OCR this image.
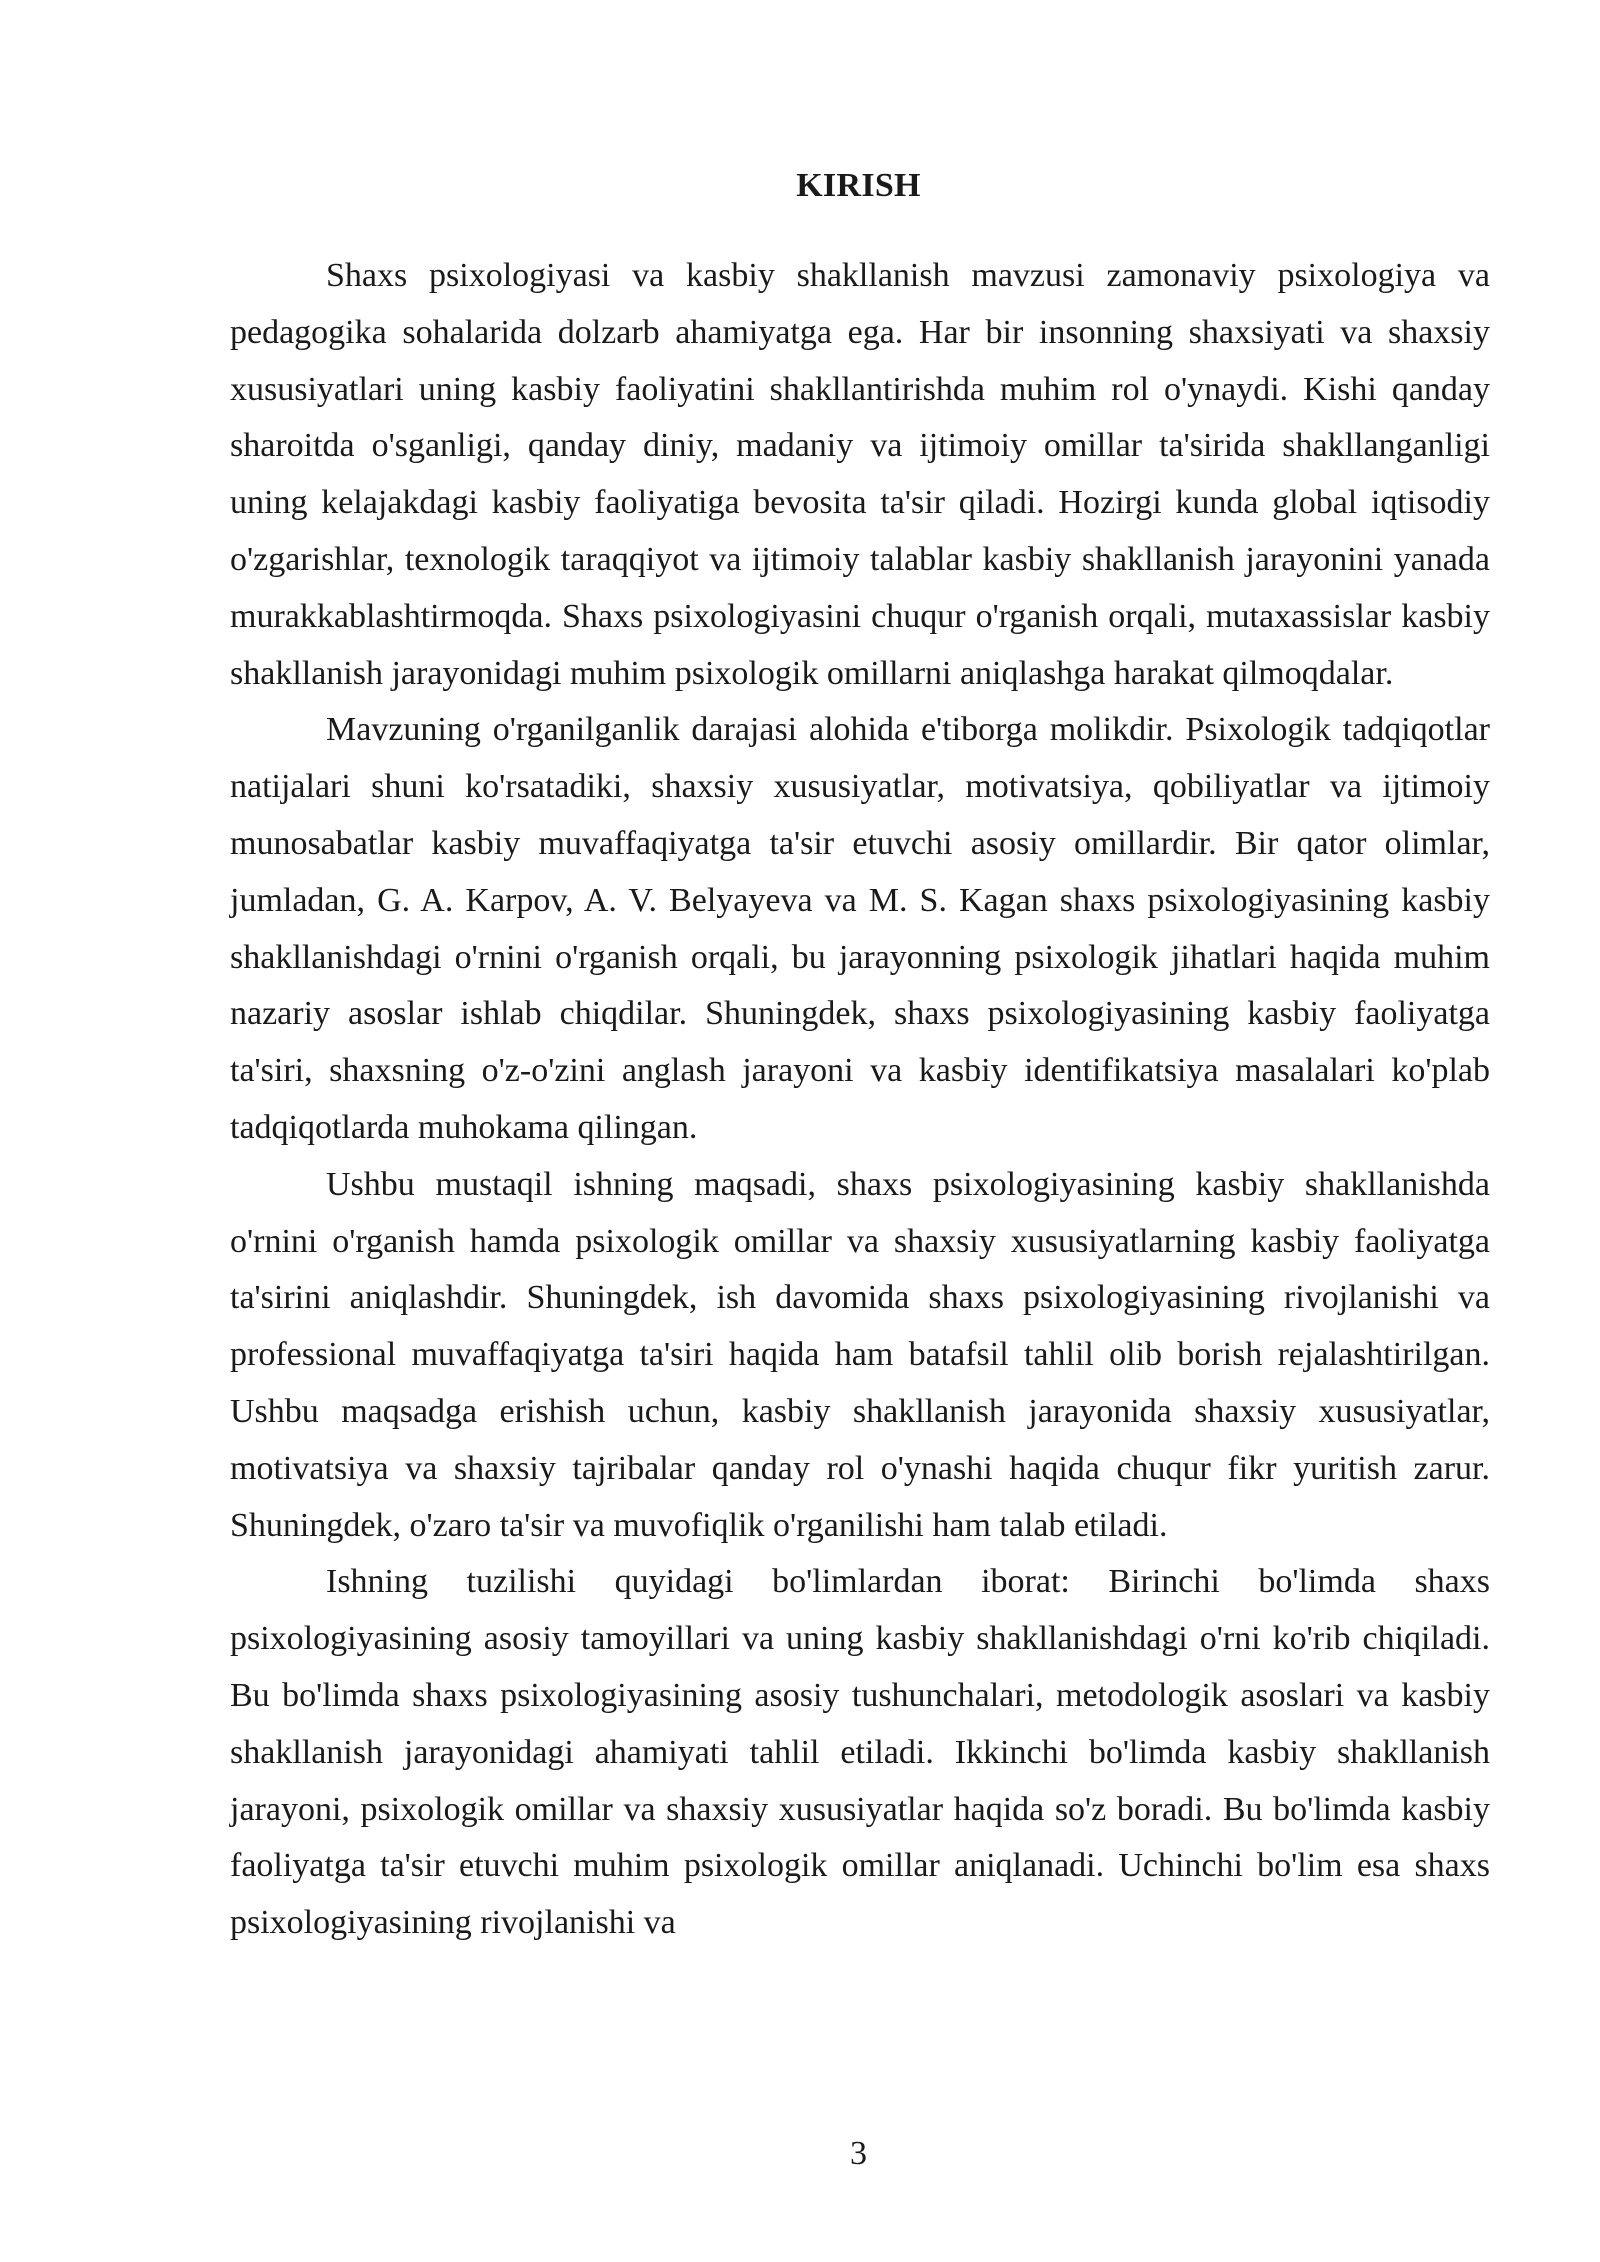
KIRISH

Shaxs psixologiyasi va kasbiy shakllanish mavzusi zamonaviy psixologiya va pedagogika sohalarida dolzarb ahamiyatga ega. Har bir insonning shaxsiyati va shaxsiy xususiyatlari uning kasbiy faoliyatini shakllantirishda muhim rol o'ynaydi. Kishi qanday sharoitda o'sganligi, qanday diniy, madaniy va ijtimoiy omillar ta'sirida shakllanganligi uning kelajakdagi kasbiy faoliyatiga bevosita ta'sir qiladi. Hozirgi kunda global iqtisodiy o'zgarishlar, texnologik taraqqiyot va ijtimoiy talablar kasbiy shakllanish jarayonini yanada murakkablashtirmoqda. Shaxs psixologiyasini chuqur o'rganish orqali, mutaxassislar kasbiy shakllanish jarayonidagi muhim psixologik omillarni aniqlashga harakat qilmoqdalar.

Mavzuning o'rganilganlik darajasi alohida e'tiborga molikdir. Psixologik tadqiqotlar natijalari shuni ko'rsatadiki, shaxsiy xususiyatlar, motivatsiya, qobiliyatlar va ijtimoiy munosabatlar kasbiy muvaffaqiyatga ta'sir etuvchi asosiy omillardir. Bir qator olimlar, jumladan, G. A. Karpov, A. V. Belyayeva va M. S. Kagan shaxs psixologiyasining kasbiy shakllanishdagi o'rnini o'rganish orqali, bu jarayonning psixologik jihatlari haqida muhim nazariy asoslar ishlab chiqdilar. Shuningdek, shaxs psixologiyasining kasbiy faoliyatga ta'siri, shaxsning o'z-o'zini anglash jarayoni va kasbiy identifikatsiya masalalari ko'plab tadqiqotlarda muhokama qilingan.

Ushbu mustaqil ishning maqsadi, shaxs psixologiyasining kasbiy shakllanishda o'rnini o'rganish hamda psixologik omillar va shaxsiy xususiyatlarning kasbiy faoliyatga ta'sirini aniqlashdir. Shuningdek, ish davomida shaxs psixologiyasining rivojlanishi va professional muvaffaqiyatga ta'siri haqida ham batafsil tahlil olib borish rejalashtirilgan. Ushbu maqsadga erishish uchun, kasbiy shakllanish jarayonida shaxsiy xususiyatlar, motivatsiya va shaxsiy tajribalar qanday rol o'ynashi haqida chuqur fikr yuritish zarur. Shuningdek, o'zaro ta'sir va muvofiqlik o'rganilishi ham talab etiladi.

Ishning tuzilishi quyidagi bo'limlardan iborat: Birinchi bo'limda shaxs psixologiyasining asosiy tamoyillari va uning kasbiy shakllanishdagi o'rni ko'rib chiqiladi. Bu bo'limda shaxs psixologiyasining asosiy tushunchalari, metodologik asoslari va kasbiy shakllanish jarayonidagi ahamiyati tahlil etiladi. Ikkinchi bo'limda kasbiy shakllanish jarayoni, psixologik omillar va shaxsiy xususiyatlar haqida so'z boradi. Bu bo'limda kasbiy faoliyatga ta'sir etuvchi muhim psixologik omillar aniqlanadi. Uchinchi bo'lim esa shaxs psixologiyasining rivojlanishi va

3
